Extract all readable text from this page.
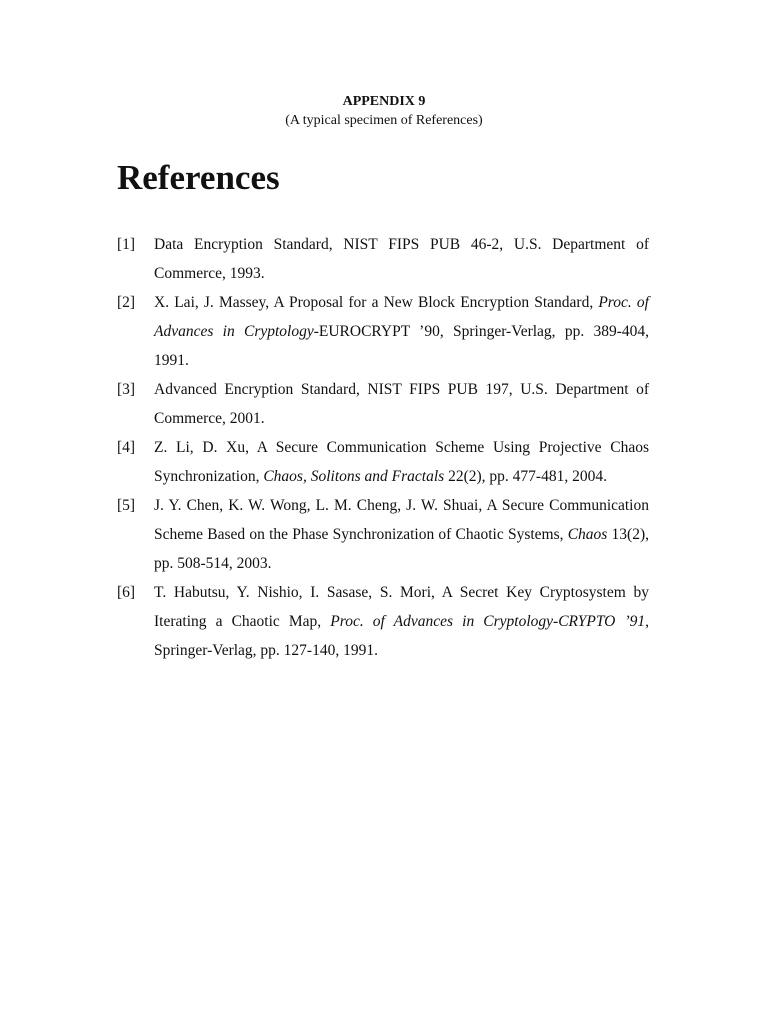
APPENDIX 9
(A typical specimen of References)
References
[1] Data Encryption Standard, NIST FIPS PUB 46-2, U.S. Department of Commerce, 1993.
[2] X. Lai, J. Massey, A Proposal for a New Block Encryption Standard, Proc. of Advances in Cryptology-EUROCRYPT ’90, Springer-Verlag, pp. 389-404, 1991.
[3] Advanced Encryption Standard, NIST FIPS PUB 197, U.S. Department of Commerce, 2001.
[4] Z. Li, D. Xu, A Secure Communication Scheme Using Projective Chaos Synchronization, Chaos, Solitons and Fractals 22(2), pp. 477-481, 2004.
[5] J. Y. Chen, K. W. Wong, L. M. Cheng, J. W. Shuai, A Secure Communication Scheme Based on the Phase Synchronization of Chaotic Systems, Chaos 13(2), pp. 508-514, 2003.
[6] T. Habutsu, Y. Nishio, I. Sasase, S. Mori, A Secret Key Cryptosystem by Iterating a Chaotic Map, Proc. of Advances in Cryptology-CRYPTO ’91, Springer-Verlag, pp. 127-140, 1991.
